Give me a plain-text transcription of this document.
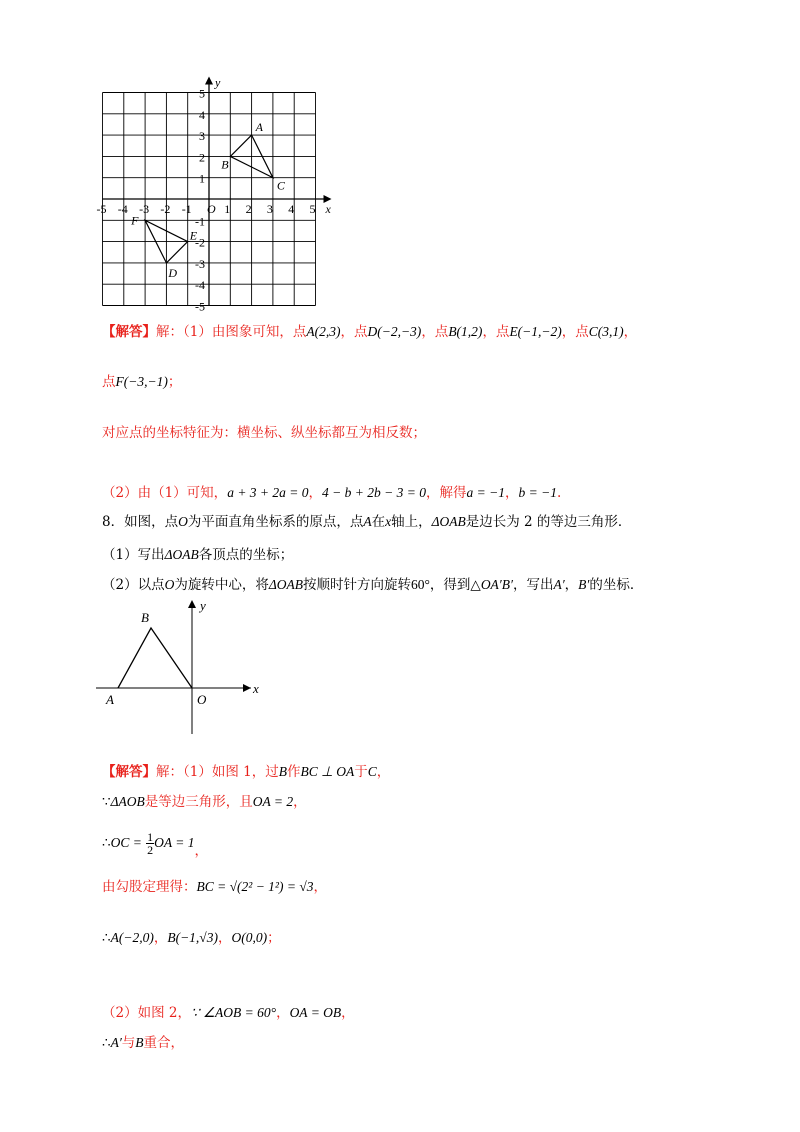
-5 -4 -3 -2 -1 O 1 2 3 4 5
5
4
3
2
1
-1
-2
-3
-4
-5
x
y
A
B
C
D
E
F
【解答】解：（1）由图象可知，点A(2,3)，点D(−2,−3)，点B(1,2)，点E(−1,−2)，点C(3,1)，
点F(−3,−1)；
对应点的坐标特征为：横坐标、纵坐标都互为相反数；
（2）由（1）可知，a + 3 + 2a = 0，4 − b + 2b − 3 = 0，解得a = −1，b = −1.
8．如图，点O为平面直角坐标系的原点，点A在x轴上，ΔOAB是边长为 2 的等边三角形．
（1）写出ΔOAB各顶点的坐标；
（2）以点O为旋转中心，将ΔOAB按顺时针方向旋转60°，得到△OA′B′，写出A′，B′的坐标．
B
A	O
x
y
【解答】解：（1）如图 1，过B作BC ⊥ OA于C，
∵ΔAOB是等边三角形，且OA = 2，
∴OC = $\frac{1}{2}$ OA = 1，
由勾股定理得：BC = √(2² − 1²) = √3，
∴A(−2,0)，B(−1,√3)，O(0,0)；
（2）如图 2，∵ ∠AOB = 60°，OA = OB，
∴A′与B重合，
